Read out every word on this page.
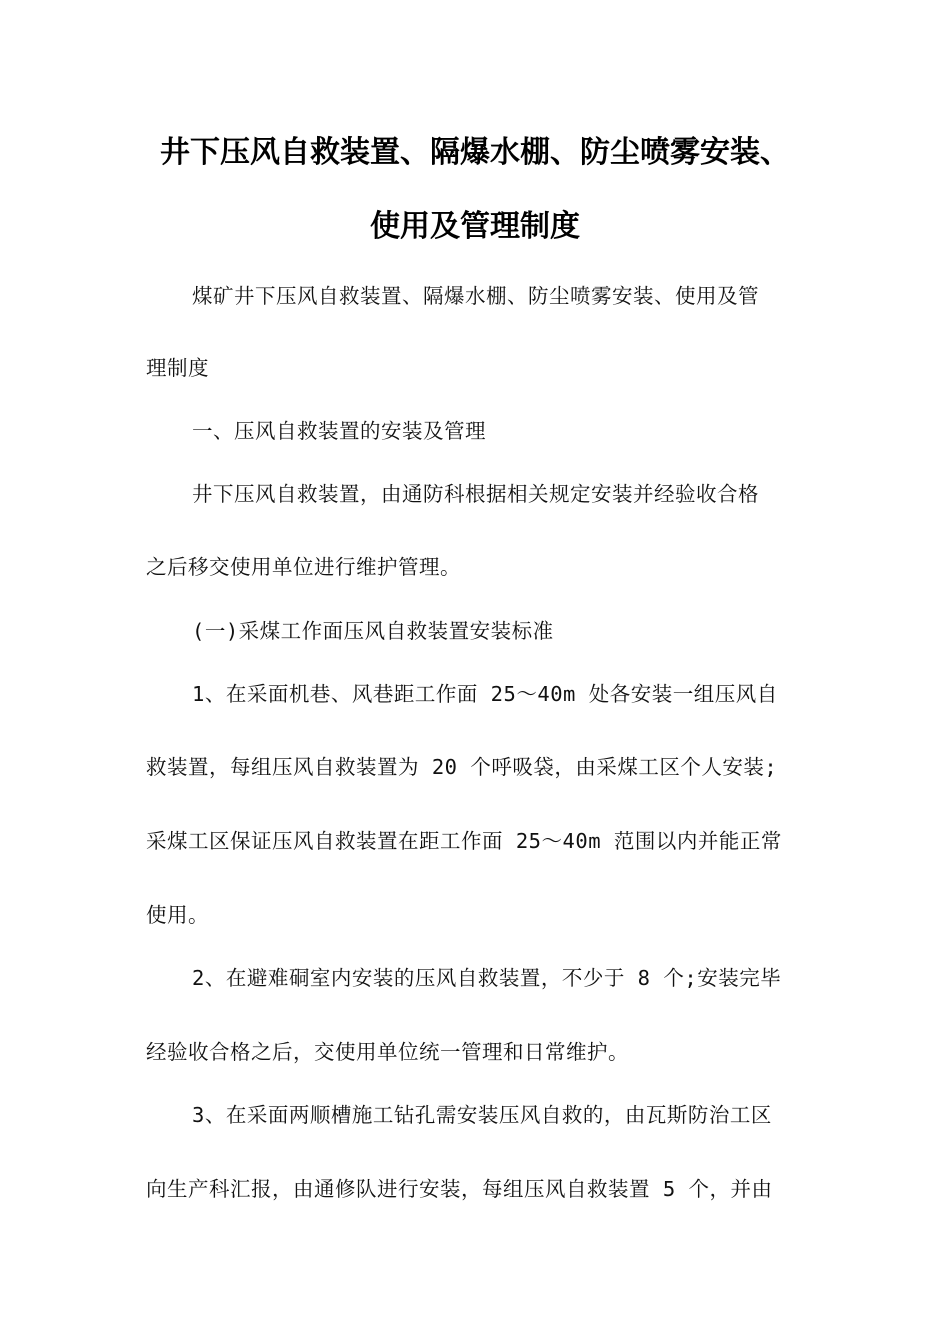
井下压风自救装置、隔爆水棚、防尘喷雾安装、
使用及管理制度
煤矿井下压风自救装置、隔爆水棚、防尘喷雾安装、使用及管
理制度
一、压风自救装置的安装及管理
井下压风自救装置，由通防科根据相关规定安装并经验收合格
之后移交使用单位进行维护管理。
(一)采煤工作面压风自救装置安装标准
1、在采面机巷、风巷距工作面 25～40m 处各安装一组压风自
救装置，每组压风自救装置为 20 个呼吸袋，由采煤工区个人安装;
采煤工区保证压风自救装置在距工作面 25～40m 范围以内并能正常
使用。
2、在避难硐室内安装的压风自救装置，不少于 8 个;安装完毕
经验收合格之后，交使用单位统一管理和日常维护。
3、在采面两顺槽施工钻孔需安装压风自救的，由瓦斯防治工区
向生产科汇报，由通修队进行安装，每组压风自救装置 5 个，并由
